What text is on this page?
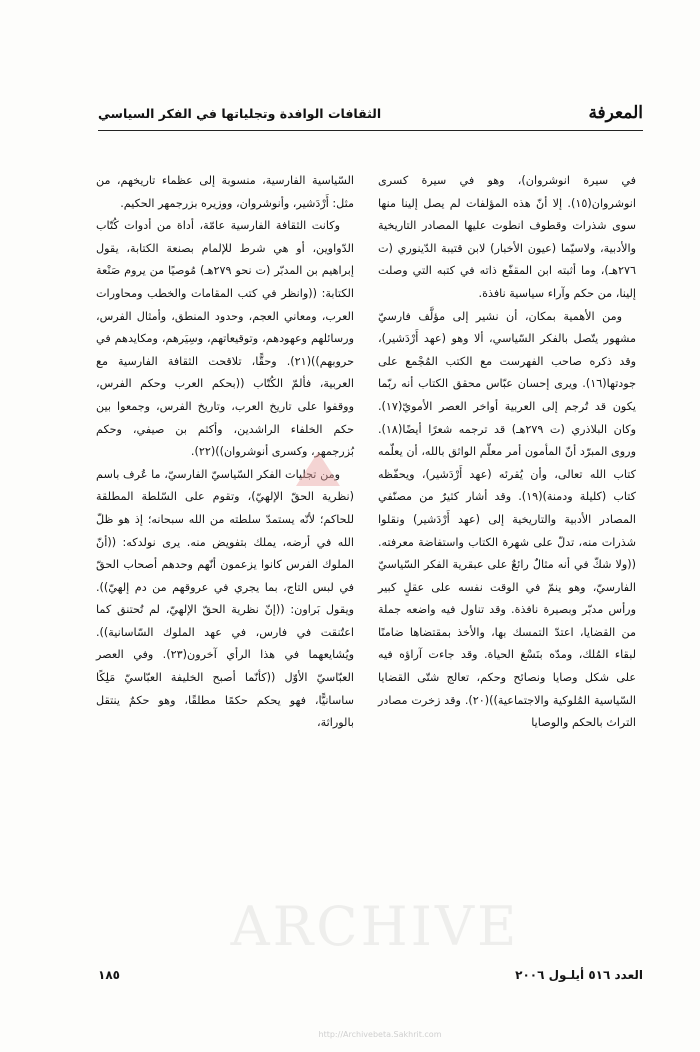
المعرفة
الثقافات الوافدة وتجلياتها في الفكر السياسي

في سيرة انوشروان)، وهو في سيرة كسرى انوشروان(١٥). إلا أنّ هذه المؤلفات لم يصل إلينا منها سوى شذرات وقطوف انطوت عليها المصادر التاريخية والأدبية، ولاسيّما (عيون الأخبار) لابن قتيبة الدّينوري (ت ٢٧٦هـ)، وما أثبته ابن المقفّع ذاته في كتبه التي وصلت إلينا، من حكم وآراء سياسية نافذة.

ومن الأهمية بمكان، أن نشير إلى مؤلَّف فارسيّ مشهور يتّصل بالفكر السّياسي، ألا وهو (عهد أَرْدَشير)، وقد ذكره صاحب الفهرست مع الكتب المُجْمع على جودتها(١٦). ويرى إحسان عبّاس محقق الكتاب أنه ربّما يكون قد تُرجم إلى العربية أواخر العصر الأمويّ(١٧). وكان البلاذري (ت ٢٧٩هـ) قد ترجمه شعرًا أيضًا(١٨). وروى المبرّد أنّ المأمون أمر معلّم الواثق بالله، أن يعلّمه كتاب الله تعالى، وأن يُقرئه (عهد أَرْدَشير)، ويحفّظه كتاب (كليلة ودمنة)(١٩). وقد أشار كثيرٌ من مصنّفي المصادر الأدبية والتاريخية إلى (عهد أَرْدَشير) ونقلوا شذرات منه، تدلّ على شهرة الكتاب واستفاضة معرفته. ((ولا شكّ في أنه مثالٌ رائعٌ على عبقرية الفكر السّياسيّ الفارسيّ، وهو ينمّ في الوقت نفسه على عقلٍ كبير ورأس مدبّر وبصيرة نافذة. وقد تناول فيه واضعه جملة من القضايا، اعتدّ التمسك بها، والأخذ بمقتضاها ضامنًا لبقاء المُلك، ومدّه بنَسْغ الحياة. وقد جاءت آراؤه فيه على شكل وصايا ونصائح وحكم، تعالج شتّى القضايا السّياسية المُلوكية والاجتماعية))(٢٠). وقد زخرت مصادر التراث بالحكم والوصايا

السّياسية الفارسية، منسوبة إلى عظماء تاريخهم، من مثل: أَرْدَشير، وأنوشروان، ووزيره بزرجمهر الحكيم.

وكانت الثقافة الفارسية عامّة، أداة من أدوات كُتّاب الدّواوين، أو هي شرط للإلمام بصنعة الكتابة، يقول إبراهيم بن المدبّر (ت نحو ٢٧٩هـ) مُوصيًا من يروم صَنْعة الكتابة: ((وانظر في كتب المقامات والخطب ومحاورات العرب، ومعاني العجم، وحدود المنطق، وأمثال الفرس، ورسائلهم وعهودهم، وتوقيعاتهم، وسِيَرهم، ومكايدهم في حروبهم))(٢١). وحقًّا، تلاقحت الثقافة الفارسية مع العربية، فألمّ الكُتّاب ((بحكم العرب وحكم الفرس، ووقفوا على تاريخ العرب، وتاريخ الفرس، وجمعوا بين حكم الخلفاء الراشدين، وأكثم بن صيفي، وحكم بُزرجمهر، وكسرى أنوشروان))(٢٢).

ومن تجليات الفكر السّياسيّ الفارسيّ، ما عُرف باسم (نظرية الحقّ الإلهيّ)، وتقوم على السّلطة المطلقة للحاكم؛ لأنّه يستمدّ سلطته من الله سبحانه؛ إذ هو ظلّ الله في أرضه، يملك بتفويض منه. يرى نولدكه: ((أنّ الملوك الفرس كانوا يزعمون أنّهم وحدهم أصحاب الحقّ في لبس التاج، بما يجري في عروقهم من دم إلهيّ)). ويقول بَراون: ((إنّ نظرية الحقّ الإلهيّ، لم تُحتنق كما اعتُنقت في فارس، في عهد الملوك السّاسانية)). ويُشايعهما في هذا الرأي آخرون(٢٣). وفي العصر العبّاسيّ الأوّل ((كأنّما أصبح الخليفة العبّاسيّ مَلِكًا ساسانيًّا، فهو يحكم حكمًا مطلقًا، وهو حكمٌ ينتقل بالوراثة،

ARCHIVE
http://Archivebeta.Sakhrit.com
العدد ٥١٦ أيلـول ٢٠٠٦
١٨٥
